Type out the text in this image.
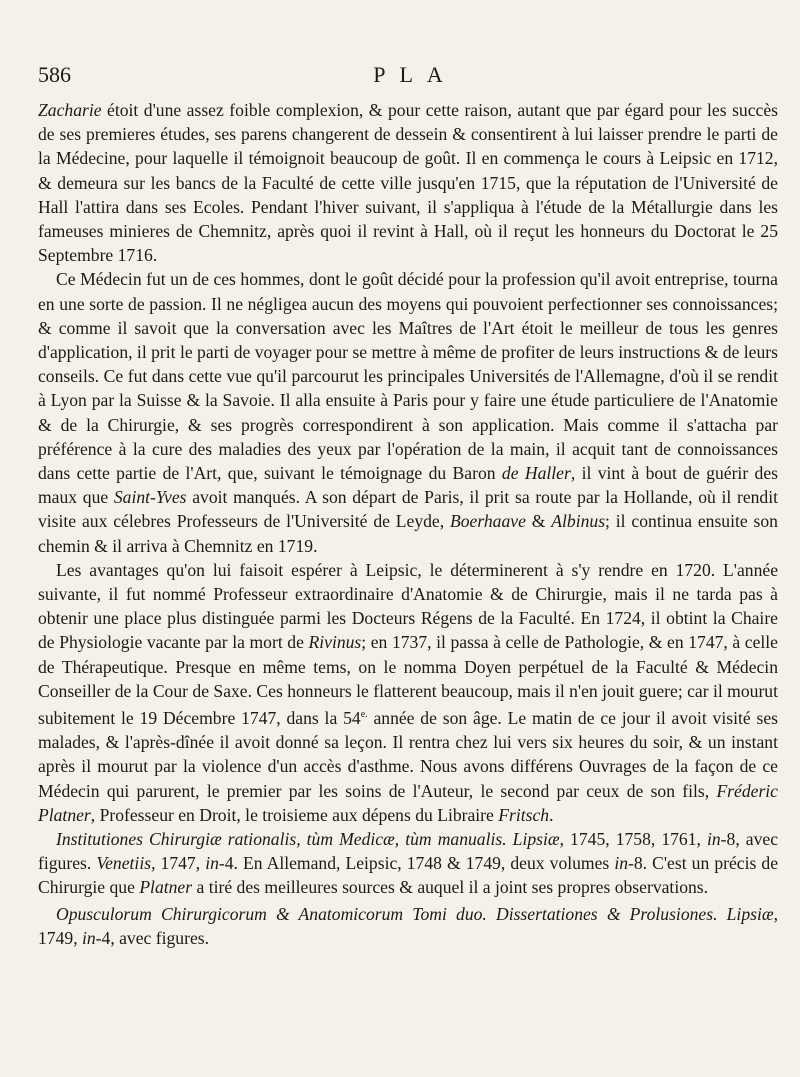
586	PLA

Zacharie étoit d'une assez foible complexion, & pour cette raison, autant que par égard pour les succès de ses premieres études, ses parens changerent de dessein & consentirent à lui laisser prendre le parti de la Médecine, pour laquelle il témoignoit beaucoup de goût. Il en commença le cours à Leipsic en 1712, & demeura sur les bancs de la Faculté de cette ville jusqu'en 1715, que la réputation de l'Université de Hall l'attira dans ses Ecoles. Pendant l'hiver suivant, il s'appliqua à l'étude de la Métallurgie dans les fameuses minieres de Chemnitz, après quoi il revint à Hall, où il reçut les honneurs du Doctorat le 25 Septembre 1716.

Ce Médecin fut un de ces hommes, dont le goût décidé pour la profession qu'il avoit entreprise, tourna en une sorte de passion. Il ne négligea aucun des moyens qui pouvoient perfectionner ses connoissances; & comme il savoit que la conversation avec les Maîtres de l'Art étoit le meilleur de tous les genres d'application, il prit le parti de voyager pour se mettre à même de profiter de leurs instructions & de leurs conseils. Ce fut dans cette vue qu'il parcourut les principales Universités de l'Allemagne, d'où il se rendit à Lyon par la Suisse & la Savoie. Il alla ensuite à Paris pour y faire une étude particuliere de l'Anatomie & de la Chirurgie, & ses progrès correspondirent à son application. Mais comme il s'attacha par préférence à la cure des maladies des yeux par l'opération de la main, il acquit tant de connoissances dans cette partie de l'Art, que, suivant le témoignage du Baron de Haller, il vint à bout de guérir des maux que Saint-Yves avoit manqués. A son départ de Paris, il prit sa route par la Hollande, où il rendit visite aux célebres Professeurs de l'Université de Leyde, Boerhaave & Albinus; il continua ensuite son chemin & il arriva à Chemnitz en 1719.

Les avantages qu'on lui faisoit espérer à Leipsic, le déterminerent à s'y rendre en 1720. L'année suivante, il fut nommé Professeur extraordinaire d'Anatomie & de Chirurgie, mais il ne tarda pas à obtenir une place plus distinguée parmi les Docteurs Régens de la Faculté. En 1724, il obtint la Chaire de Physiologie vacante par la mort de Rivinus; en 1737, il passa à celle de Pathologie, & en 1747, à celle de Thérapeutique. Presque en même tems, on le nomma Doyen perpétuel de la Faculté & Médecin Conseiller de la Cour de Saxe. Ces honneurs le flatterent beaucoup, mais il n'en jouit guere; car il mourut subitement le 19 Décembre 1747, dans la $54^{e.}$ année de son âge. Le matin de ce jour il avoit visité ses malades, & l'après-dînée il avoit donné sa leçon. Il rentra chez lui vers six heures du soir, & un instant après il mourut par la violence d'un accès d'asthme. Nous avons différens Ouvrages de la façon de ce Médecin qui parurent, le premier par les soins de l'Auteur, le second par ceux de son fils, Fréderic Platner, Professeur en Droit, le troisieme aux dépens du Libraire Fritsch.

Institutiones Chirurgiæ rationalis, tùm Medicæ, tùm manualis. Lipsiæ, 1745, 1758, 1761, in-8, avec figures. Venetiis, 1747, in-4. En Allemand, Leipsic, 1748 & 1749, deux volumes in-8. C'est un précis de Chirurgie que Platner a tiré des meilleures sources & auquel il a joint ses propres observations.

Opusculorum Chirurgicorum & Anatomicorum Tomi duo. Dissertationes & Prolusiones. Lipsiæ, 1749, in-4, avec figures.
